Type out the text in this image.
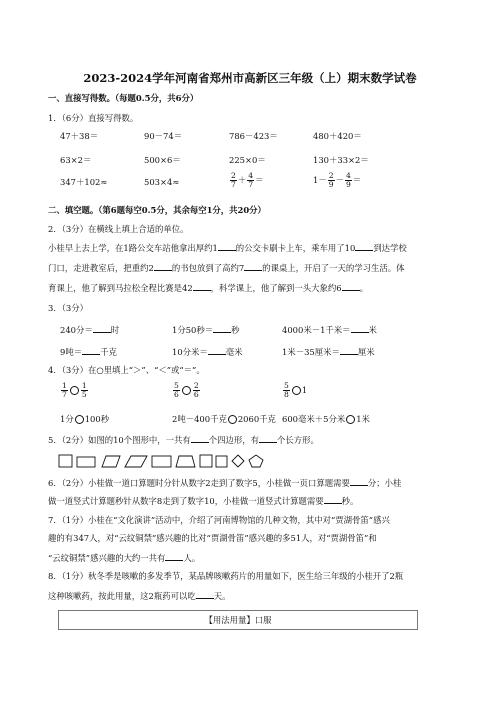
2023-2024学年河南省郑州市高新区三年级（上）期末数学试卷
一、直接写得数。（每题0.5分，共6分）
1．（6分）直接写得数。
47＋38＝	90－74＝	786－423＝	480＋420＝
63×2＝	500×6＝	225×0＝	130＋33×2＝
347＋102≈	503×4≈	$\frac{2}{7} + \frac{4}{7}$ ＝	$1- \frac{2}{9} - \frac{4}{9}$ ＝
二、填空题。（第6题每空0.5分，其余每空1分，共20分）
2．（3分）在横线上填上合适的单位。
小桂早上去上学，在1路公交车站他拿出厚约1 的公交卡刷卡上车，乘车用了10 到达学校
门口，走进教室后，把重约2 的书包放到了高约7 的课桌上，开启了一天的学习生活。体
育课上，他了解到马拉松全程比赛是42 ，科学课上，他了解到一头大象约6 。
3．（3分）
240分＝ 时	1分50秒＝ 秒	4000米－1千米＝ 米
9吨＝ 千克	10分米＝ 毫米	1米－35厘米＝ 厘米
4．（3分）在○里填上“＞”、“＜”或“＝”。
$\frac{1}{7} \frac{1}{5}$	$\frac{5}{6} \frac{2}{6}$	$\frac{5}{8} 1$
1分 100秒	2吨－400千克 2060千克 600毫米＋5分米 1米
5．（2分）如图的10个图形中，一共有 个四边形，有 个长方形。
6．（2分）小桂做一道口算题时分针从数字2走到了数字5，小桂做一页口算题需要 分；小桂
做一道竖式计算题秒针从数字8走到了数字10，小桂做一道竖式计算题需要 秒。
7．（1分）小桂在“文化演讲”活动中，介绍了河南博物馆的几种文物，其中对“贾湖骨笛”感兴
趣的有347人，对“云纹铜禁”感兴趣的比对“贾湖骨笛”感兴趣的多51人，对“贾湖骨笛”和
“云纹铜禁”感兴趣的大约一共有 人。
8．（1分）秋冬季是咳嗽的多发季节，某品牌咳嗽药片的用量如下，医生给三年级的小桂开了2瓶
这种咳嗽药，按此用量，这2瓶药可以吃 天。
【用法用量】口服
